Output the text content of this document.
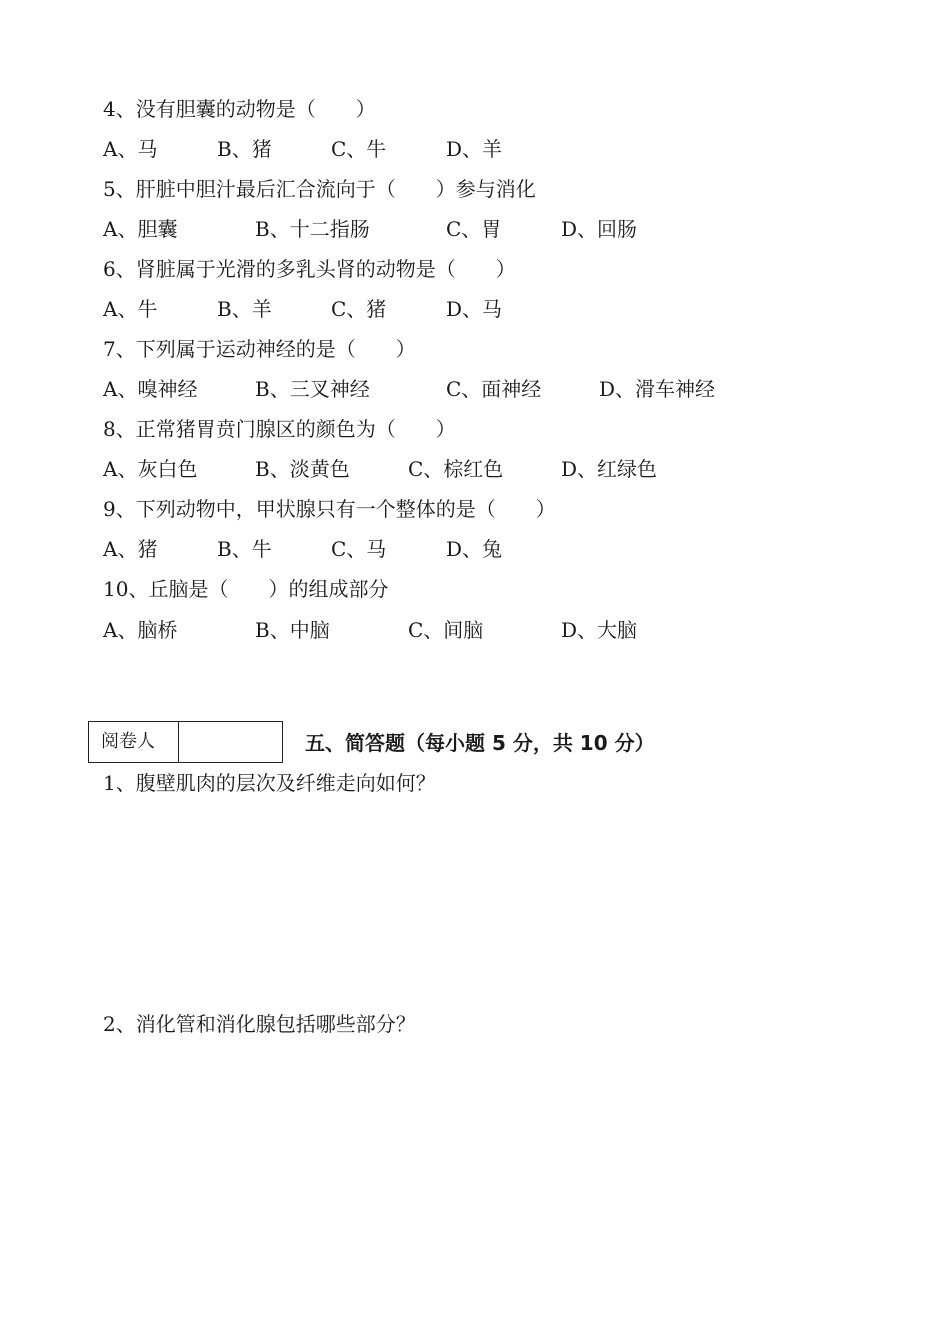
4、没有胆囊的动物是（　　）
A、马	B、猪	C、牛	D、羊
5、肝脏中胆汁最后汇合流向于（　　）参与消化
A、胆囊	B、十二指肠	C、胃	D、回肠
6、肾脏属于光滑的多乳头肾的动物是（　　）
A、牛	B、羊	C、猪	D、马
7、下列属于运动神经的是（　　）
A、嗅神经	B、三叉神经	C、面神经	D、滑车神经
8、正常猪胃贲门腺区的颜色为（　　）
A、灰白色	B、淡黄色	C、棕红色	D、红绿色
9、下列动物中，甲状腺只有一个整体的是（　　）
A、猪	B、牛	C、马	D、兔
10、丘脑是（　　）的组成部分
A、脑桥	B、中脑	C、间脑	D、大脑
阅卷人	五、简答题（每小题 5 分，共 10 分）
1、腹壁肌肉的层次及纤维走向如何？
2、消化管和消化腺包括哪些部分？
